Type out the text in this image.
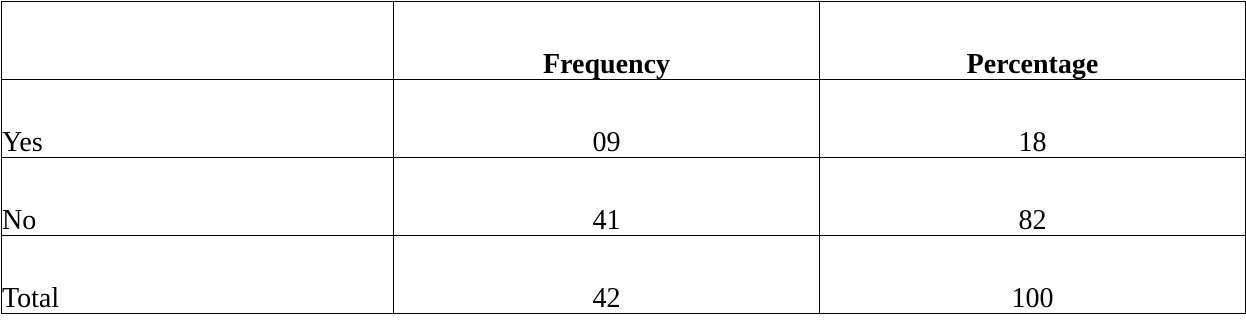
	Frequency	Percentage
Yes	09	18
No	41	82
Total	42	100
